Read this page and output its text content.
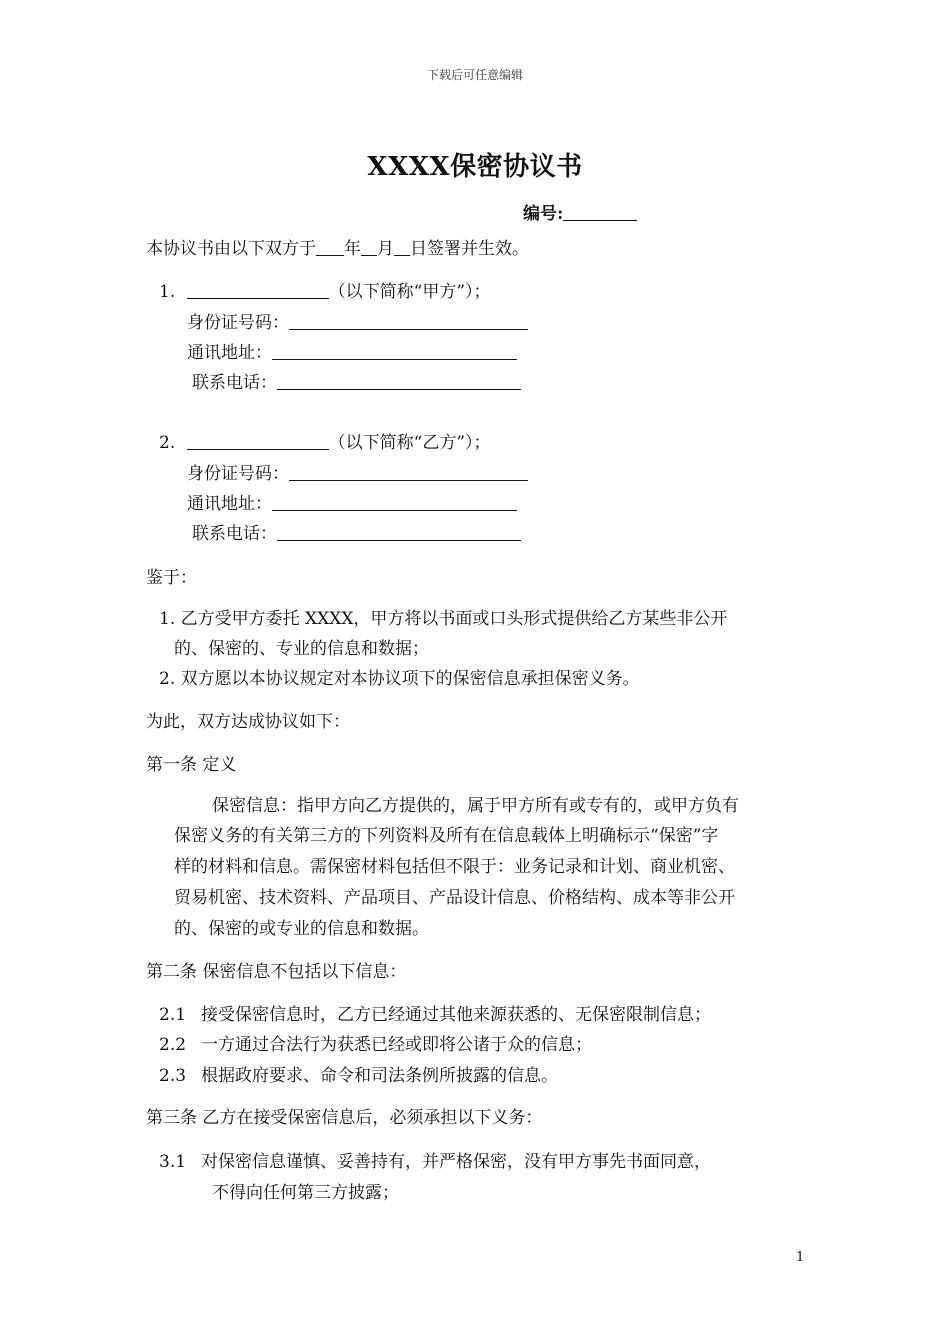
下载后可任意编辑
XXXX保密协议书
编号:
本协议书由以下双方于 年 月 日签署并生效。
1.	（以下简称“甲方”）；
身份证号码：
通讯地址：
联系电话：
2.	（以下简称“乙方”）；
身份证号码：
通讯地址：
联系电话：
鉴于：
1. 乙方受甲方委托 XXXX，甲方将以书面或口头形式提供给乙方某些非公开
的、保密的、专业的信息和数据；
2. 双方愿以本协议规定对本协议项下的保密信息承担保密义务。
为此，双方达成协议如下：
第一条 定义
保密信息：指甲方向乙方提供的，属于甲方所有或专有的，或甲方负有
保密义务的有关第三方的下列资料及所有在信息载体上明确标示“保密”字
样的材料和信息。需保密材料包括但不限于：业务记录和计划、商业机密、
贸易机密、技术资料、产品项目、产品设计信息、价格结构、成本等非公开
的、保密的或专业的信息和数据。
第二条 保密信息不包括以下信息：
2.1 接受保密信息时，乙方已经通过其他来源获悉的、无保密限制信息；
2.2 一方通过合法行为获悉已经或即将公诸于众的信息；
2.3 根据政府要求、命令和司法条例所披露的信息。
第三条 乙方在接受保密信息后，必须承担以下义务：
3.1 对保密信息谨慎、妥善持有，并严格保密，没有甲方事先书面同意，
不得向任何第三方披露；
1
